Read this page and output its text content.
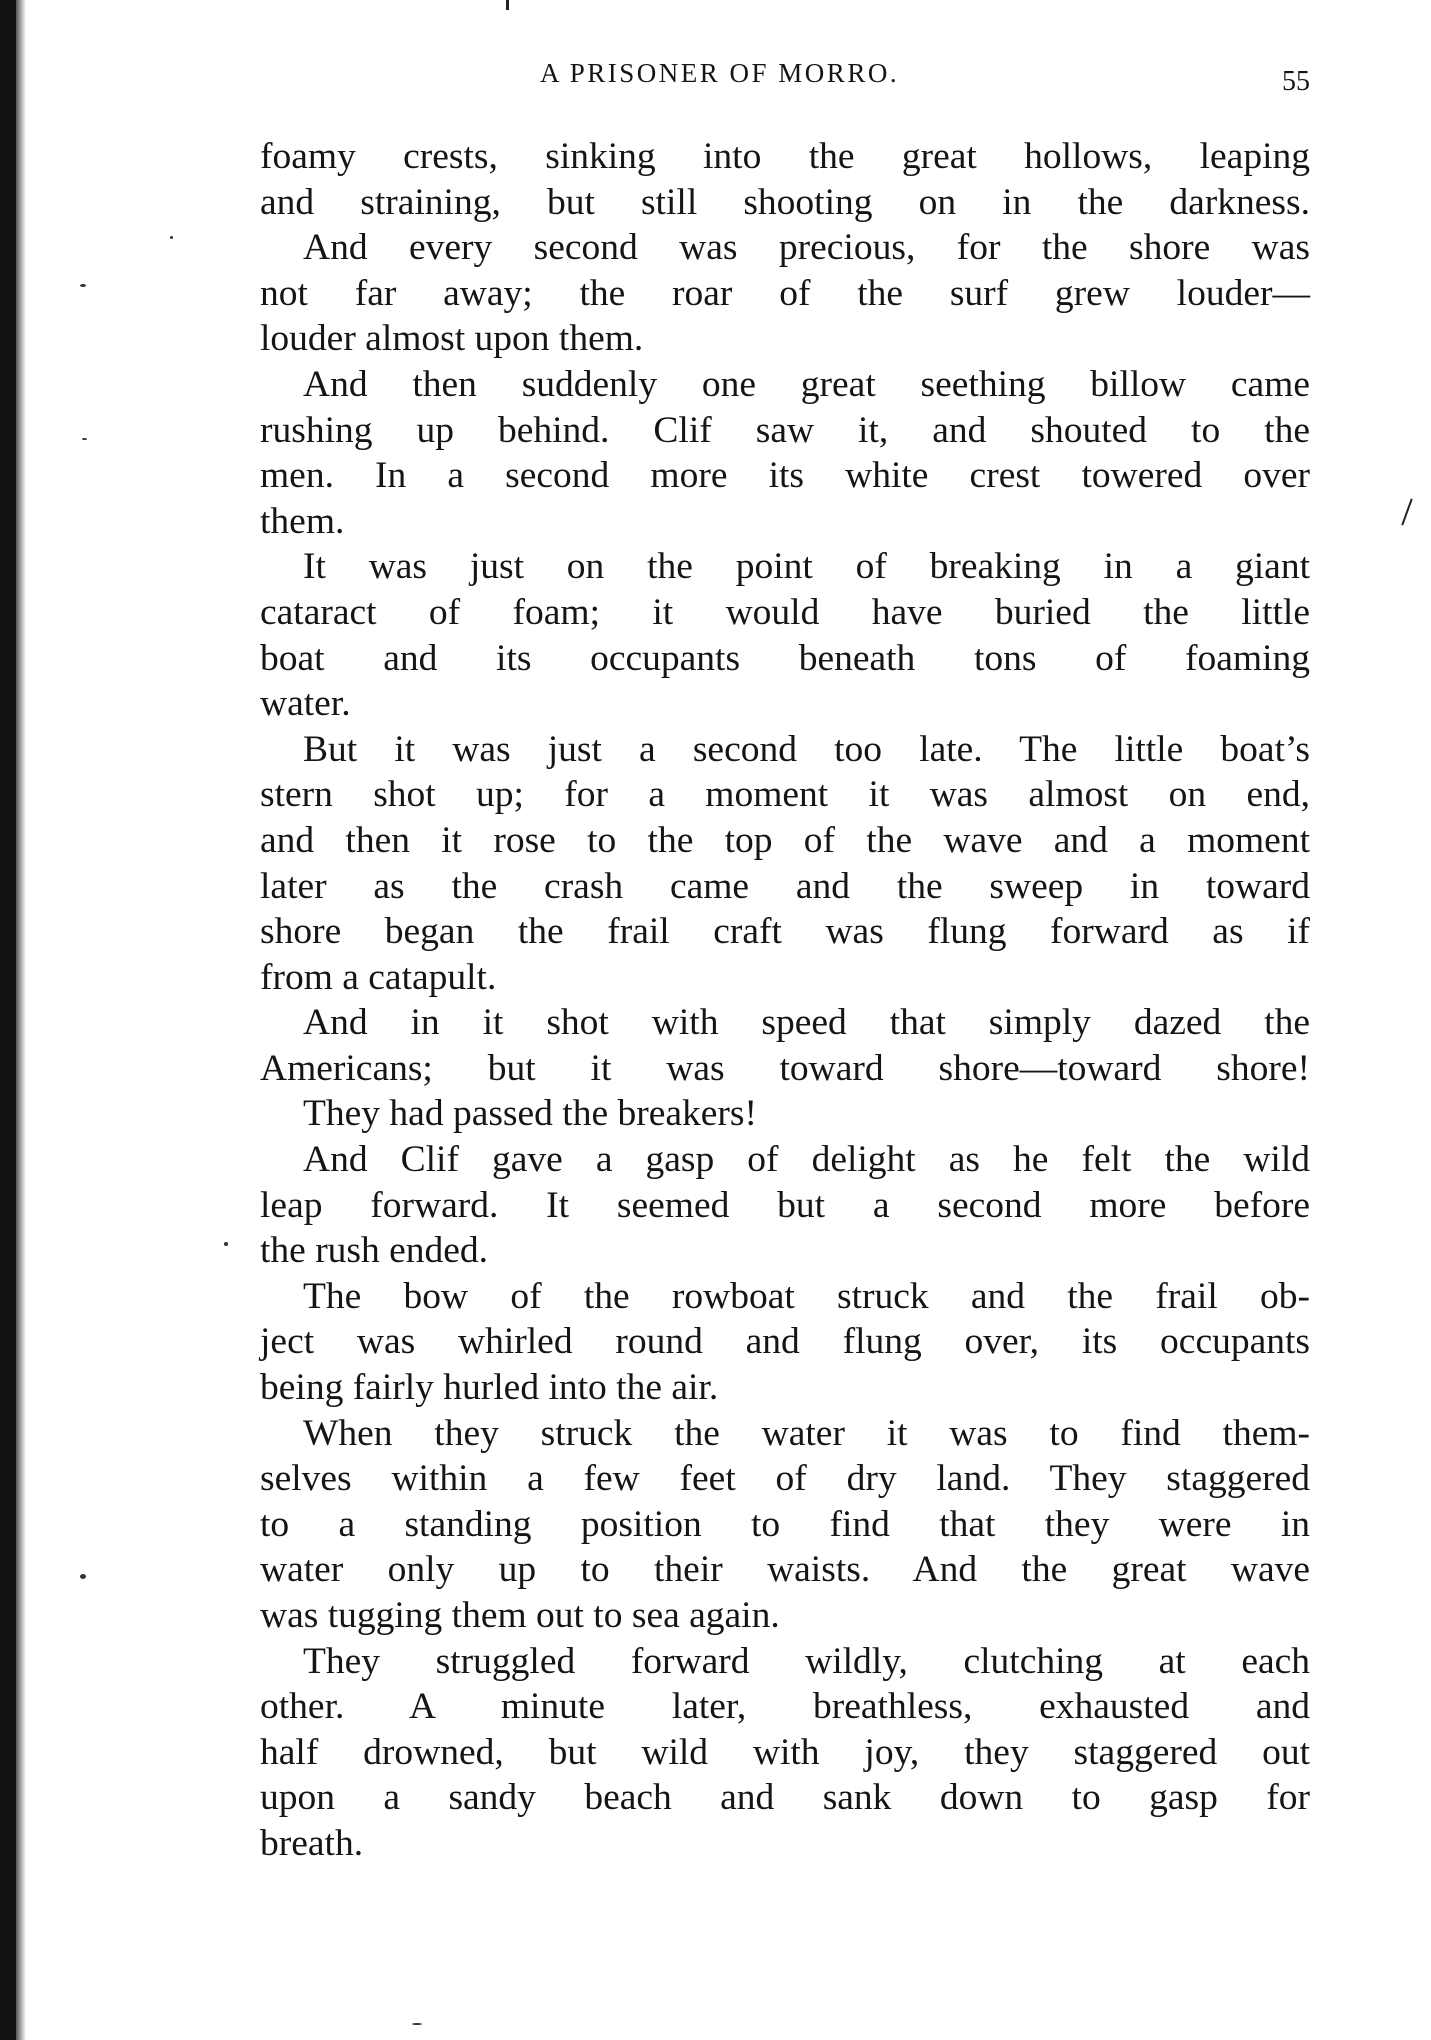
A PRISONER OF MORRO.	55
foamy crests, sinking into the great hollows, leaping
and straining, but still shooting on in the darkness.
And every second was precious, for the shore was
not far away; the roar of the surf grew louder—
louder almost upon them.
And then suddenly one great seething billow came
rushing up behind. Clif saw it, and shouted to the
men. In a second more its white crest towered over
them.
It was just on the point of breaking in a giant
cataract of foam; it would have buried the little
boat and its occupants beneath tons of foaming
water.
But it was just a second too late. The little boat’s
stern shot up; for a moment it was almost on end,
and then it rose to the top of the wave and a moment
later as the crash came and the sweep in toward
shore began the frail craft was flung forward as if
from a catapult.
And in it shot with speed that simply dazed the
Americans; but it was toward shore—toward shore!
They had passed the breakers!
And Clif gave a gasp of delight as he felt the wild
leap forward. It seemed but a second more before
the rush ended.
The bow of the rowboat struck and the frail ob-
ject was whirled round and flung over, its occupants
being fairly hurled into the air.
When they struck the water it was to find them-
selves within a few feet of dry land. They staggered
to a standing position to find that they were in
water only up to their waists. And the great wave
was tugging them out to sea again.
They struggled forward wildly, clutching at each
other. A minute later, breathless, exhausted and
half drowned, but wild with joy, they staggered out
upon a sandy beach and sank down to gasp for
breath.
